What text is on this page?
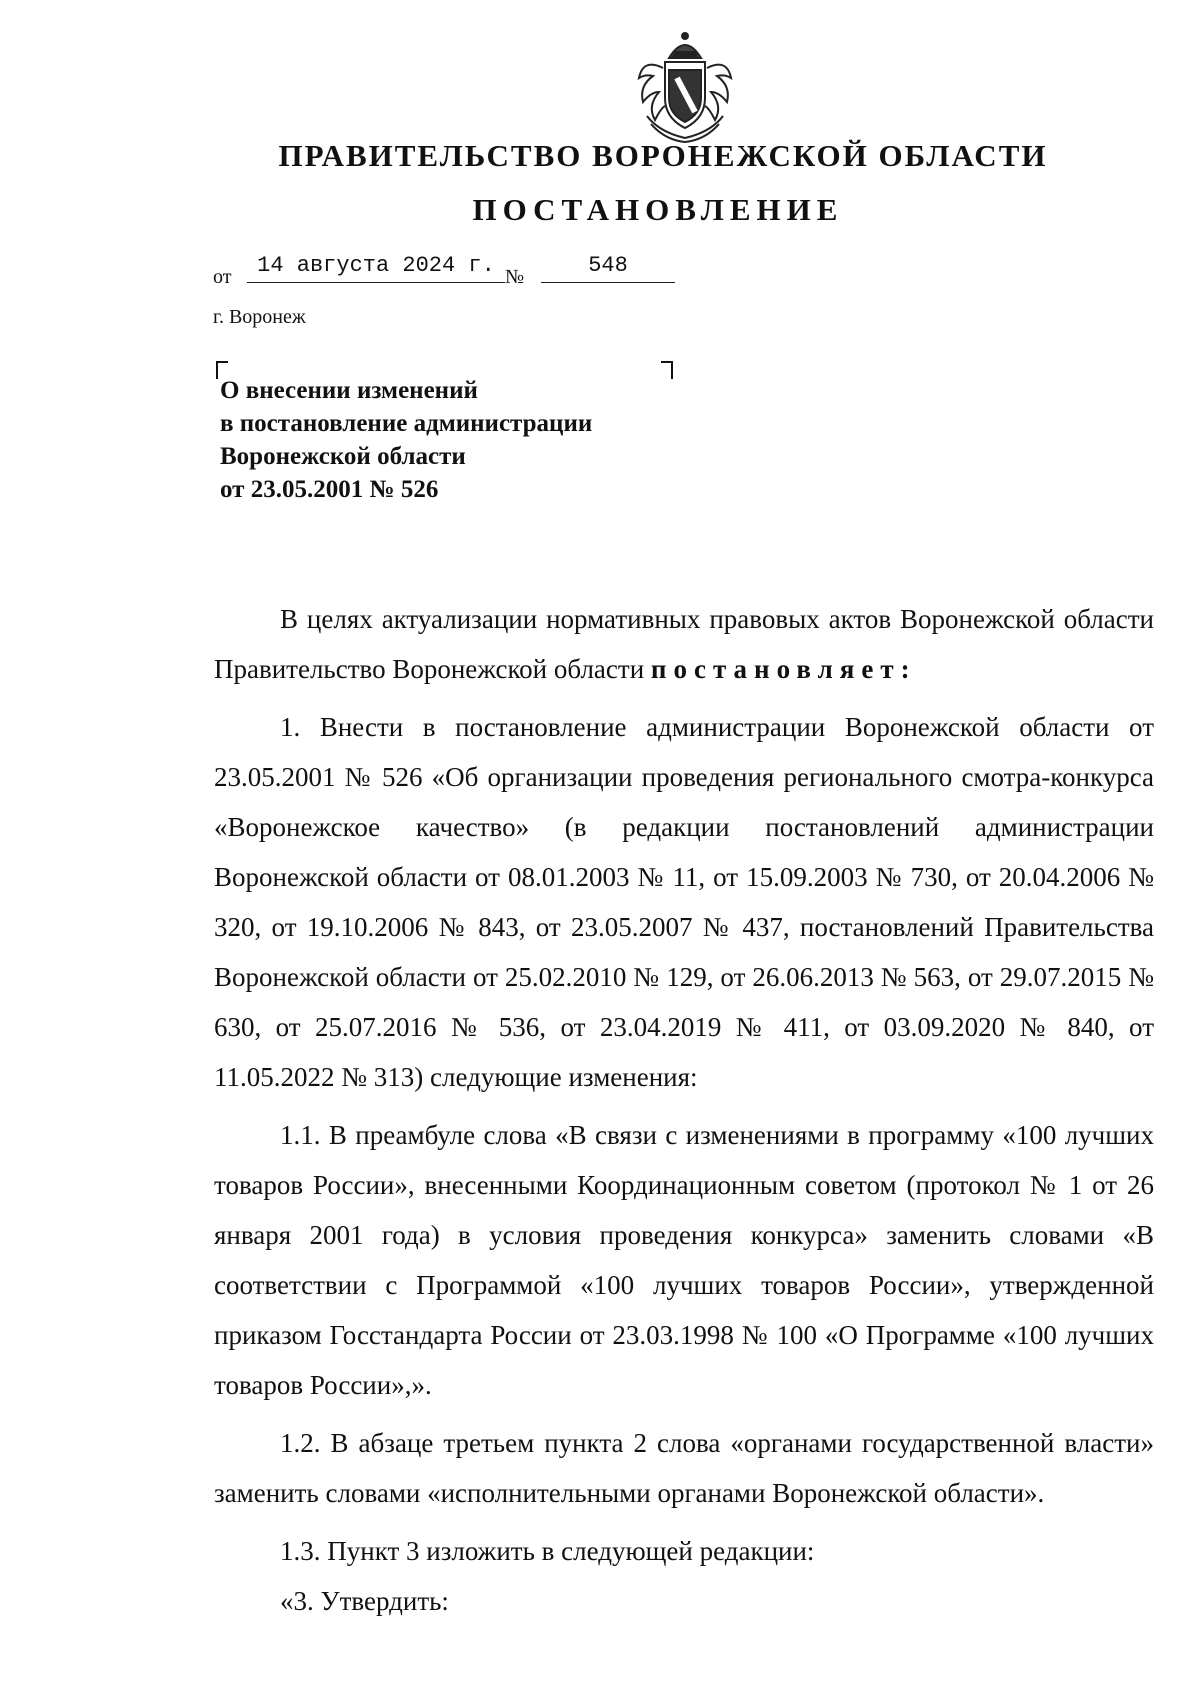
ПРАВИТЕЛЬСТВО ВОРОНЕЖСКОЙ ОБЛАСТИ
ПОСТАНОВЛЕНИЕ
от	14 августа 2024 г. №	548
г. Воронеж
О внесении изменений
в постановление администрации
Воронежской области
от 23.05.2001 № 526

В целях актуализации нормативных правовых актов Воронежской области Правительство Воронежской области постановляет:

1. Внести в постановление администрации Воронежской области от 23.05.2001 № 526 «Об организации проведения регионального смотра-конкурса «Воронежское качество» (в редакции постановлений администрации Воронежской области от 08.01.2003 № 11, от 15.09.2003 № 730, от 20.04.2006 № 320, от 19.10.2006 № 843, от 23.05.2007 № 437, постановлений Правительства Воронежской области от 25.02.2010 № 129, от 26.06.2013 № 563, от 29.07.2015 № 630, от 25.07.2016 № 536, от 23.04.2019 № 411, от 03.09.2020 № 840, от 11.05.2022 № 313) следующие изменения:

1.1. В преамбуле слова «В связи с изменениями в программу «100 лучших товаров России», внесенными Координационным советом (протокол № 1 от 26 января 2001 года) в условия проведения конкурса» заменить словами «В соответствии с Программой «100 лучших товаров России», утвержденной приказом Госстандарта России от 23.03.1998 № 100 «О Программе «100 лучших товаров России»,».

1.2. В абзаце третьем пункта 2 слова «органами государственной власти» заменить словами «исполнительными органами Воронежской области».

1.3. Пункт 3 изложить в следующей редакции:

«3. Утвердить:
